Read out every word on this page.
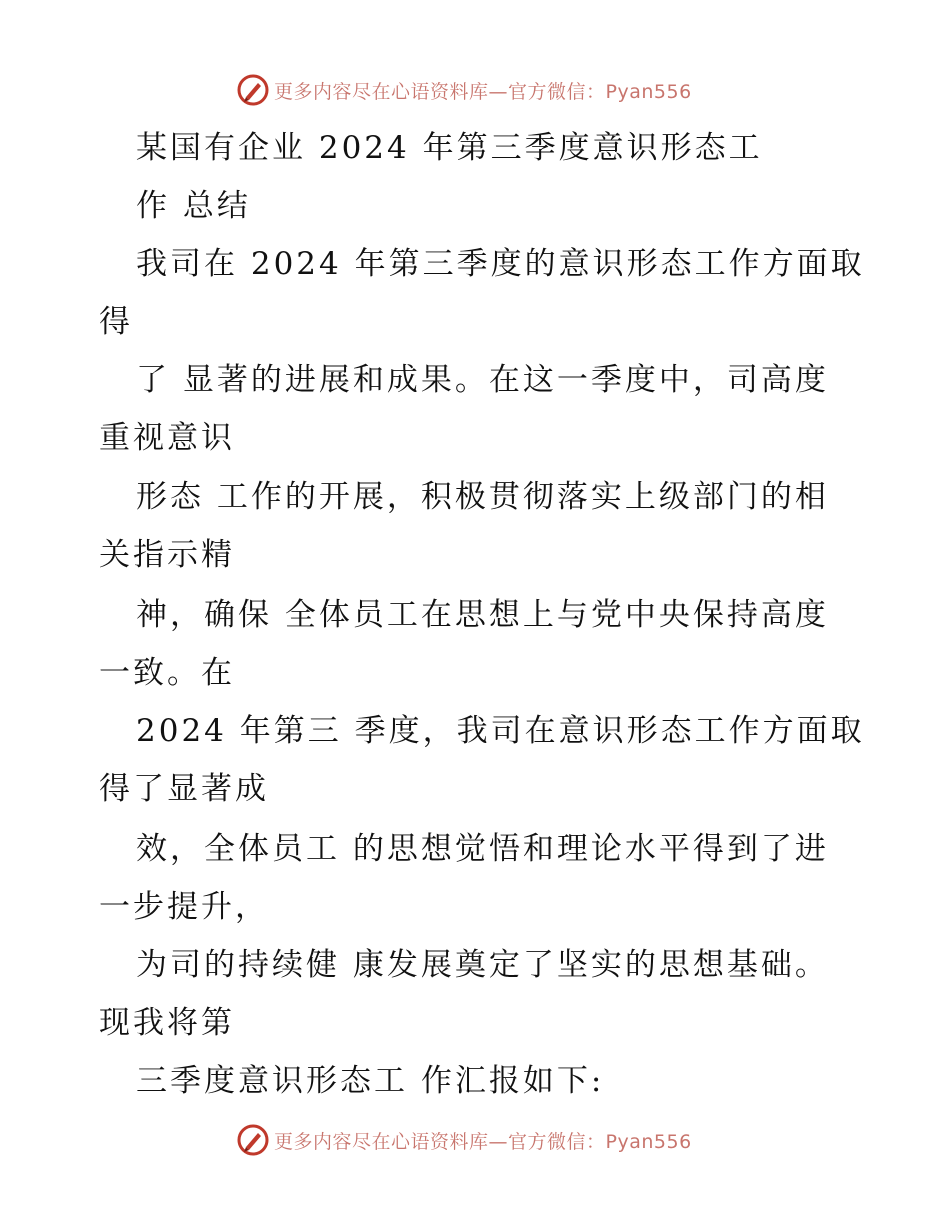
更多内容尽在心语资料库—官方微信：Pyan556
某国有企业 2024 年第三季度意识形态工
作 总结
我司在 2024 年第三季度的意识形态工作方面取
得
了 显著的进展和成果。在这一季度中，司高度
重视意识
形态 工作的开展，积极贯彻落实上级部门的相
关指示精
神，确保 全体员工在思想上与党中央保持高度
一致。在
2024 年第三 季度，我司在意识形态工作方面取
得了显著成
效，全体员工 的思想觉悟和理论水平得到了进
一步提升，
为司的持续健 康发展奠定了坚实的思想基础。
现我将第
三季度意识形态工 作汇报如下:
更多内容尽在心语资料库—官方微信：Pyan556
